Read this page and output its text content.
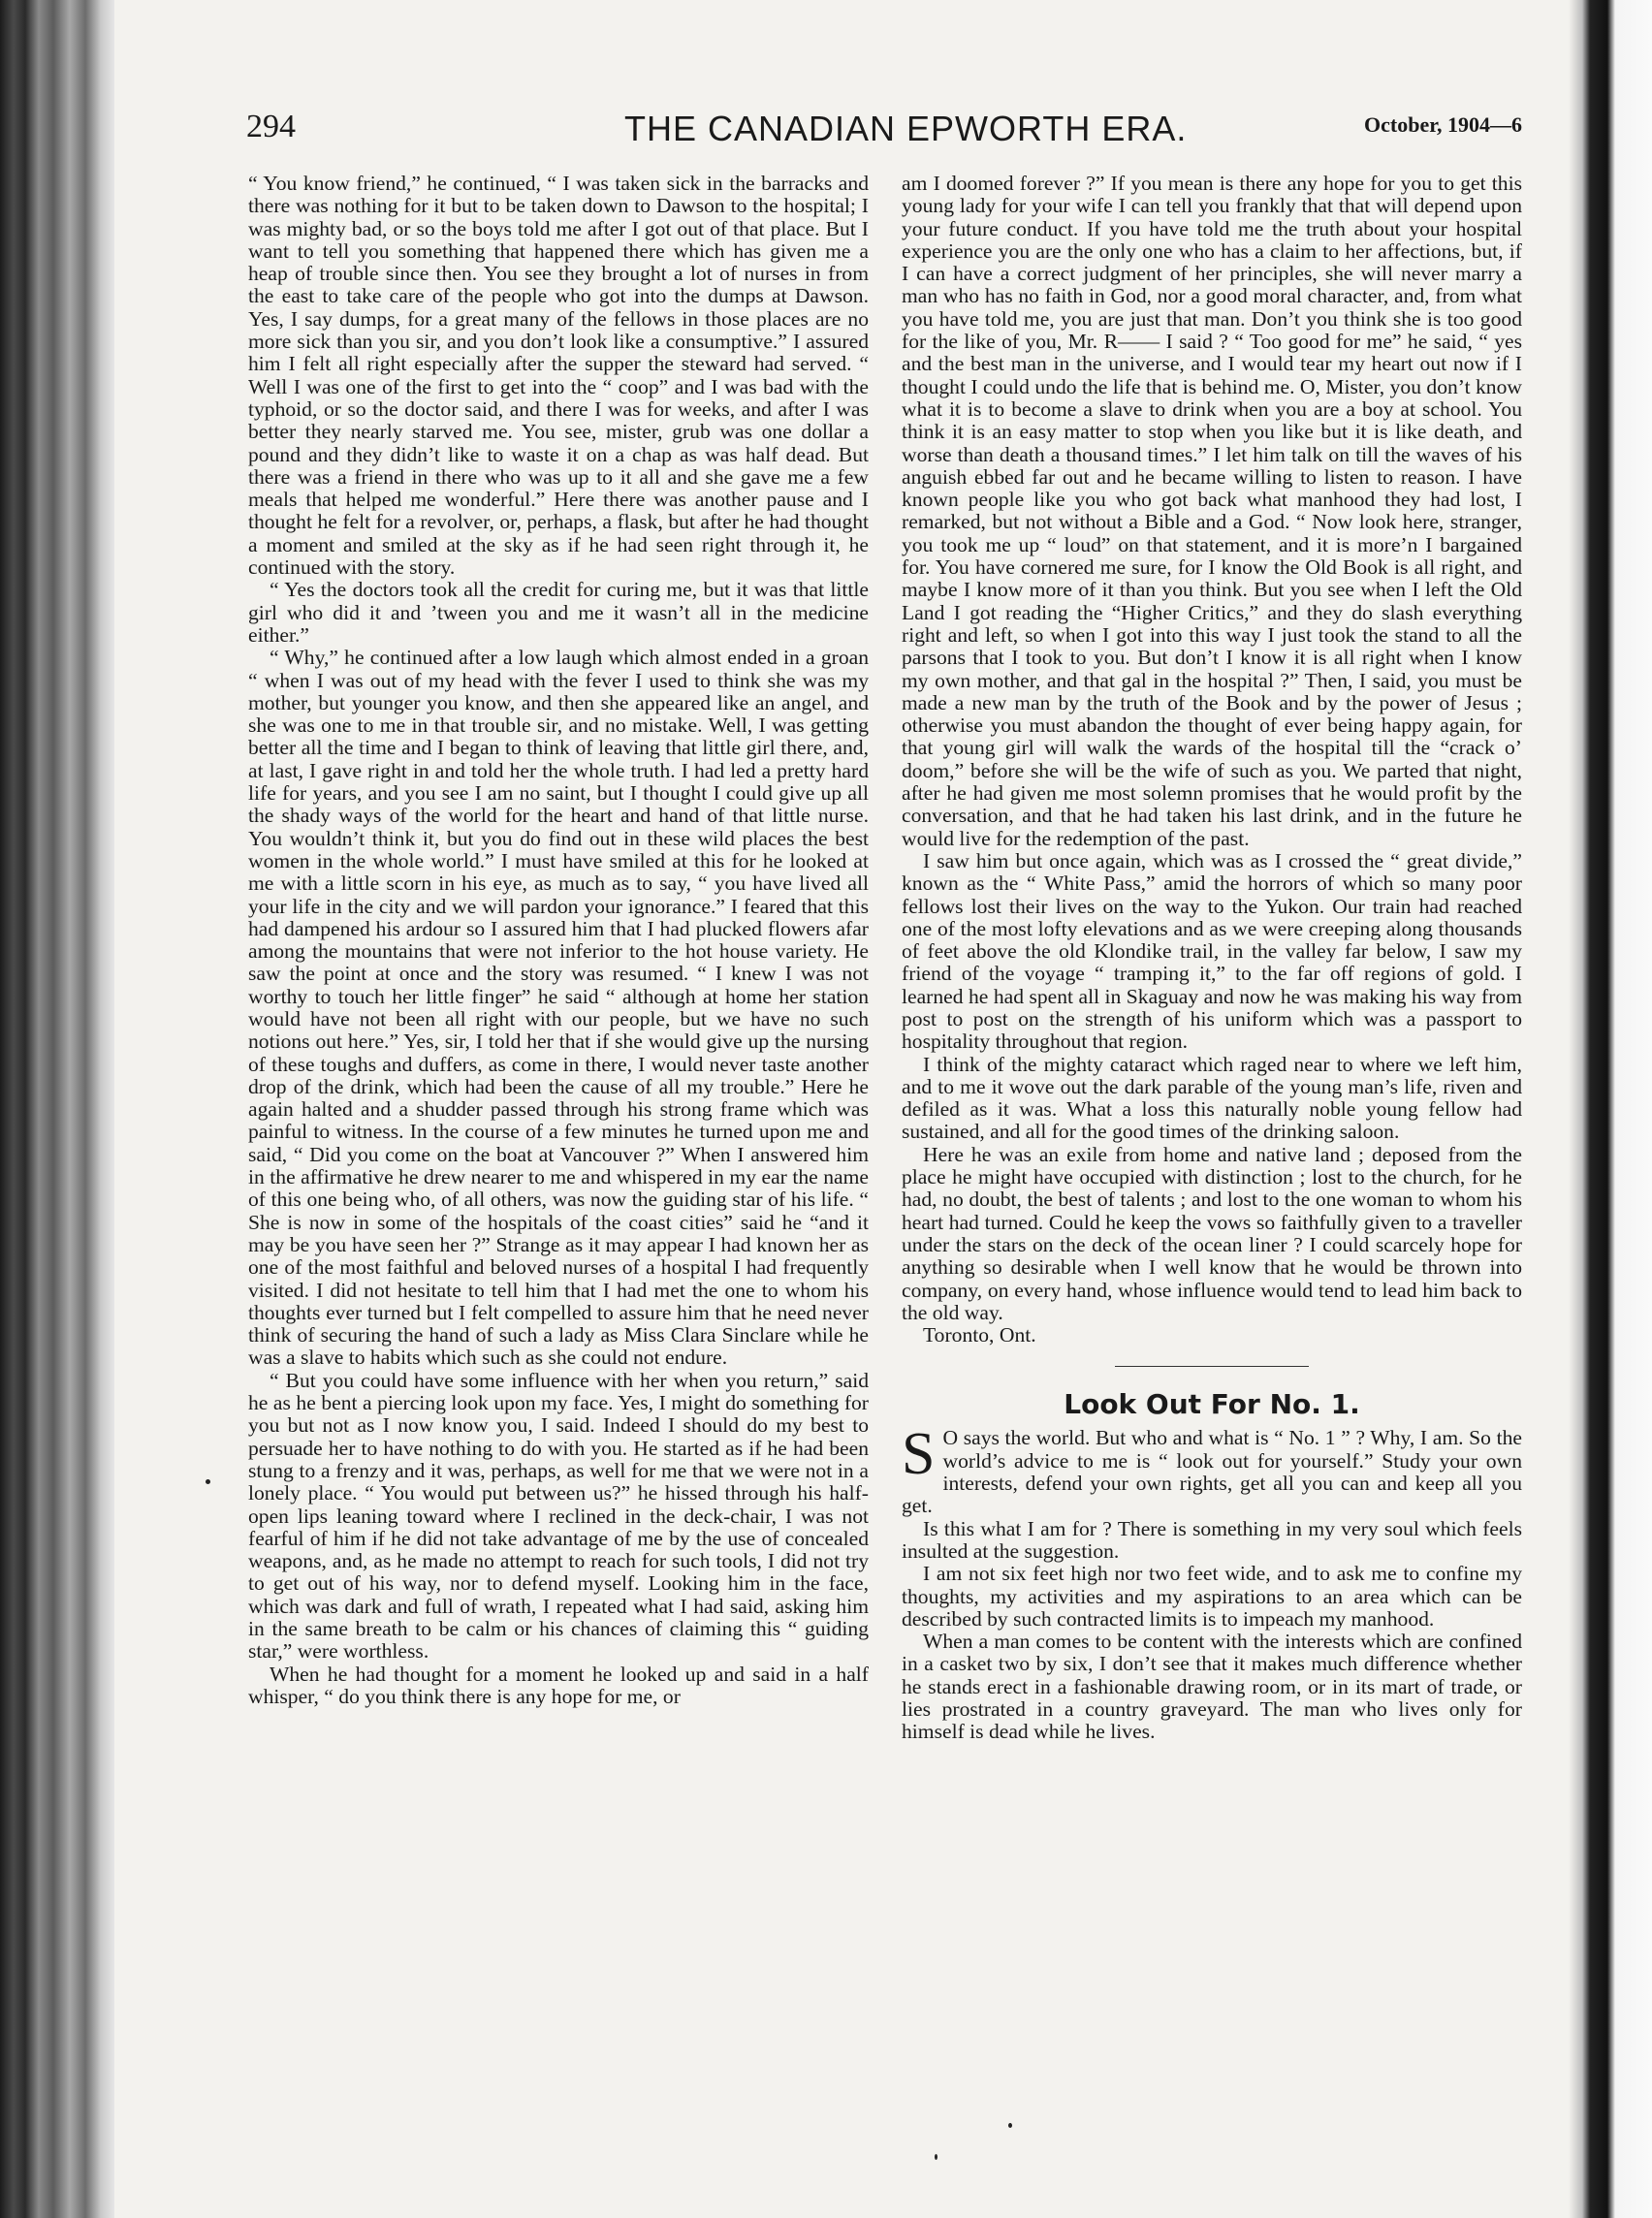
294	THE CANADIAN EPWORTH ERA.	October, 1904—6

“ You know friend,” he continued, “ I was taken sick in the barracks and there was nothing for it but to be taken down to Dawson to the hospital; I was mighty bad, or so the boys told me after I got out of that place. But I want to tell you something that happened there which has given me a heap of trouble since then. You see they brought a lot of nurses in from the east to take care of the people who got into the dumps at Dawson. Yes, I say dumps, for a great many of the fellows in those places are no more sick than you sir, and you don’t look like a consumptive.” I assured him I felt all right especially after the supper the steward had served. “ Well I was one of the first to get into the “ coop” and I was bad with the typhoid, or so the doctor said, and there I was for weeks, and after I was better they nearly starved me. You see, mister, grub was one dollar a pound and they didn’t like to waste it on a chap as was half dead. But there was a friend in there who was up to it all and she gave me a few meals that helped me wonderful.” Here there was another pause and I thought he felt for a revolver, or, perhaps, a flask, but after he had thought a moment and smiled at the sky as if he had seen right through it, he continued with the story.

“ Yes the doctors took all the credit for curing me, but it was that little girl who did it and ’tween you and me it wasn’t all in the medicine either.”

“ Why,” he continued after a low laugh which almost ended in a groan “ when I was out of my head with the fever I used to think she was my mother, but younger you know, and then she appeared like an angel, and she was one to me in that trouble sir, and no mistake. Well, I was getting better all the time and I began to think of leaving that little girl there, and, at last, I gave right in and told her the whole truth. I had led a pretty hard life for years, and you see I am no saint, but I thought I could give up all the shady ways of the world for the heart and hand of that little nurse. You wouldn’t think it, but you do find out in these wild places the best women in the whole world.” I must have smiled at this for he looked at me with a little scorn in his eye, as much as to say, “ you have lived all your life in the city and we will pardon your ignorance.” I feared that this had dampened his ardour so I assured him that I had plucked flowers afar among the mountains that were not inferior to the hot house variety. He saw the point at once and the story was resumed. “ I knew I was not worthy to touch her little finger” he said “ although at home her station would have not been all right with our people, but we have no such notions out here.” Yes, sir, I told her that if she would give up the nursing of these toughs and duffers, as come in there, I would never taste another drop of the drink, which had been the cause of all my trouble.” Here he again halted and a shudder passed through his strong frame which was painful to witness. In the course of a few minutes he turned upon me and said, “ Did you come on the boat at Vancouver ?” When I answered him in the affirmative he drew nearer to me and whispered in my ear the name of this one being who, of all others, was now the guiding star of his life. “ She is now in some of the hospitals of the coast cities” said he “and it may be you have seen her ?” Strange as it may appear I had known her as one of the most faithful and beloved nurses of a hospital I had frequently visited. I did not hesitate to tell him that I had met the one to whom his thoughts ever turned but I felt compelled to assure him that he need never think of securing the hand of such a lady as Miss Clara Sinclare while he was a slave to habits which such as she could not endure.

“ But you could have some influence with her when you return,” said he as he bent a piercing look upon my face. Yes, I might do something for you but not as I now know you, I said. Indeed I should do my best to persuade her to have nothing to do with you. He started as if he had been stung to a frenzy and it was, perhaps, as well for me that we were not in a lonely place. “ You would put between us?” he hissed through his half-open lips leaning toward where I reclined in the deck-chair, I was not fearful of him if he did not take advantage of me by the use of concealed weapons, and, as he made no attempt to reach for such tools, I did not try to get out of his way, nor to defend myself. Looking him in the face, which was dark and full of wrath, I repeated what I had said, asking him in the same breath to be calm or his chances of claiming this “ guiding star,” were worthless.

When he had thought for a moment he looked up and said in a half whisper, “ do you think there is any hope for me, or

am I doomed forever ?” If you mean is there any hope for you to get this young lady for your wife I can tell you frankly that that will depend upon your future conduct. If you have told me the truth about your hospital experience you are the only one who has a claim to her affections, but, if I can have a correct judgment of her principles, she will never marry a man who has no faith in God, nor a good moral character, and, from what you have told me, you are just that man. Don’t you think she is too good for the like of you, Mr. R—— I said ? “ Too good for me” he said, “ yes and the best man in the universe, and I would tear my heart out now if I thought I could undo the life that is behind me. O, Mister, you don’t know what it is to become a slave to drink when you are a boy at school. You think it is an easy matter to stop when you like but it is like death, and worse than death a thousand times.” I let him talk on till the waves of his anguish ebbed far out and he became willing to listen to reason. I have known people like you who got back what manhood they had lost, I remarked, but not without a Bible and a God. “ Now look here, stranger, you took me up “ loud” on that statement, and it is more’n I bargained for. You have cornered me sure, for I know the Old Book is all right, and maybe I know more of it than you think. But you see when I left the Old Land I got reading the “Higher Critics,” and they do slash everything right and left, so when I got into this way I just took the stand to all the parsons that I took to you. But don’t I know it is all right when I know my own mother, and that gal in the hospital ?” Then, I said, you must be made a new man by the truth of the Book and by the power of Jesus ; otherwise you must abandon the thought of ever being happy again, for that young girl will walk the wards of the hospital till the “crack o’ doom,” before she will be the wife of such as you. We parted that night, after he had given me most solemn promises that he would profit by the conversation, and that he had taken his last drink, and in the future he would live for the redemption of the past.

I saw him but once again, which was as I crossed the “ great divide,” known as the “ White Pass,” amid the horrors of which so many poor fellows lost their lives on the way to the Yukon. Our train had reached one of the most lofty elevations and as we were creeping along thousands of feet above the old Klondike trail, in the valley far below, I saw my friend of the voyage “ tramping it,” to the far off regions of gold. I learned he had spent all in Skaguay and now he was making his way from post to post on the strength of his uniform which was a passport to hospitality throughout that region.

I think of the mighty cataract which raged near to where we left him, and to me it wove out the dark parable of the young man’s life, riven and defiled as it was. What a loss this naturally noble young fellow had sustained, and all for the good times of the drinking saloon.

Here he was an exile from home and native land ; deposed from the place he might have occupied with distinction ; lost to the church, for he had, no doubt, the best of talents ; and lost to the one woman to whom his heart had turned. Could he keep the vows so faithfully given to a traveller under the stars on the deck of the ocean liner ? I could scarcely hope for anything so desirable when I well know that he would be thrown into company, on every hand, whose influence would tend to lead him back to the old way.

Toronto, Ont.

Look Out For No. 1.

S O says the world. But who and what is “ No. 1 ” ? Why, I am. So the world’s advice to me is “ look out for yourself.” Study your own interests, defend your own rights, get all you can and keep all you get.

Is this what I am for ? There is something in my very soul which feels insulted at the suggestion.

I am not six feet high nor two feet wide, and to ask me to confine my thoughts, my activities and my aspirations to an area which can be described by such contracted limits is to impeach my manhood.

When a man comes to be content with the interests which are confined in a casket two by six, I don’t see that it makes much difference whether he stands erect in a fashionable drawing room, or in its mart of trade, or lies prostrated in a country graveyard. The man who lives only for himself is dead while he lives.
